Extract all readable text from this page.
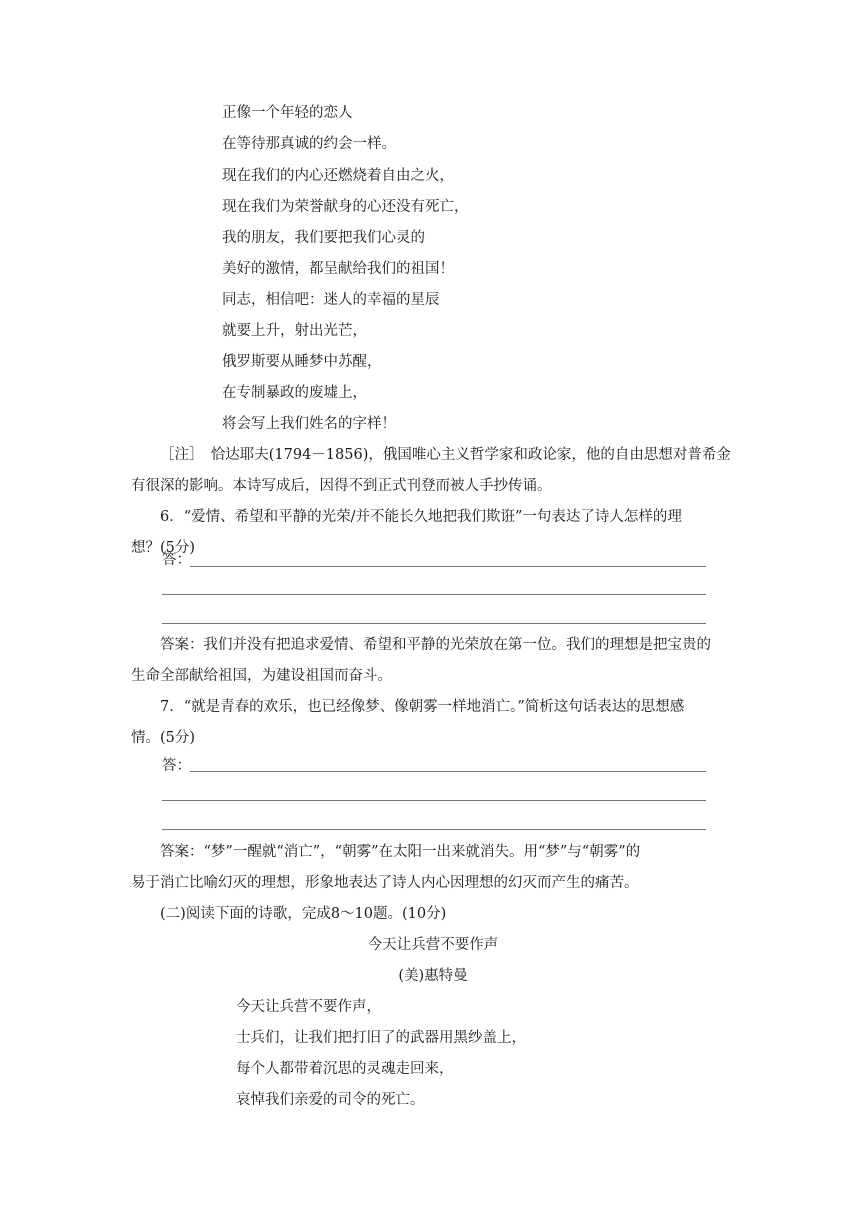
正像一个年轻的恋人
在等待那真诚的约会一样。
现在我们的内心还燃烧着自由之火，
现在我们为荣誉献身的心还没有死亡，
我的朋友，我们要把我们心灵的
美好的激情，都呈献给我们的祖国！
同志，相信吧：迷人的幸福的星辰
就要上升，射出光芒，
俄罗斯要从睡梦中苏醒，
在专制暴政的废墟上，
将会写上我们姓名的字样！
［注］　恰达耶夫(1794－1856)，俄国唯心主义哲学家和政论家，他的自由思想对普希金
有很深的影响。本诗写成后，因得不到正式刊登而被人手抄传诵。
6．“爱情、希望和平静的光荣/并不能长久地把我们欺诳”一句表达了诗人怎样的理
想？(5分)
答：
答案：我们并没有把追求爱情、希望和平静的光荣放在第一位。我们的理想是把宝贵的
生命全部献给祖国，为建设祖国而奋斗。
7．“就是青春的欢乐，也已经像梦、像朝雾一样地消亡。”简析这句话表达的思想感
情。(5分)
答：
答案：“梦”一醒就“消亡”，“朝雾”在太阳一出来就消失。用“梦”与“朝雾”的
易于消亡比喻幻灭的理想，形象地表达了诗人内心因理想的幻灭而产生的痛苦。
(二)阅读下面的诗歌，完成8～10题。(10分)
今天让兵营不要作声
(美)惠特曼
今天让兵营不要作声，
士兵们，让我们把打旧了的武器用黑纱盖上，
每个人都带着沉思的灵魂走回来，
哀悼我们亲爱的司令的死亡。
